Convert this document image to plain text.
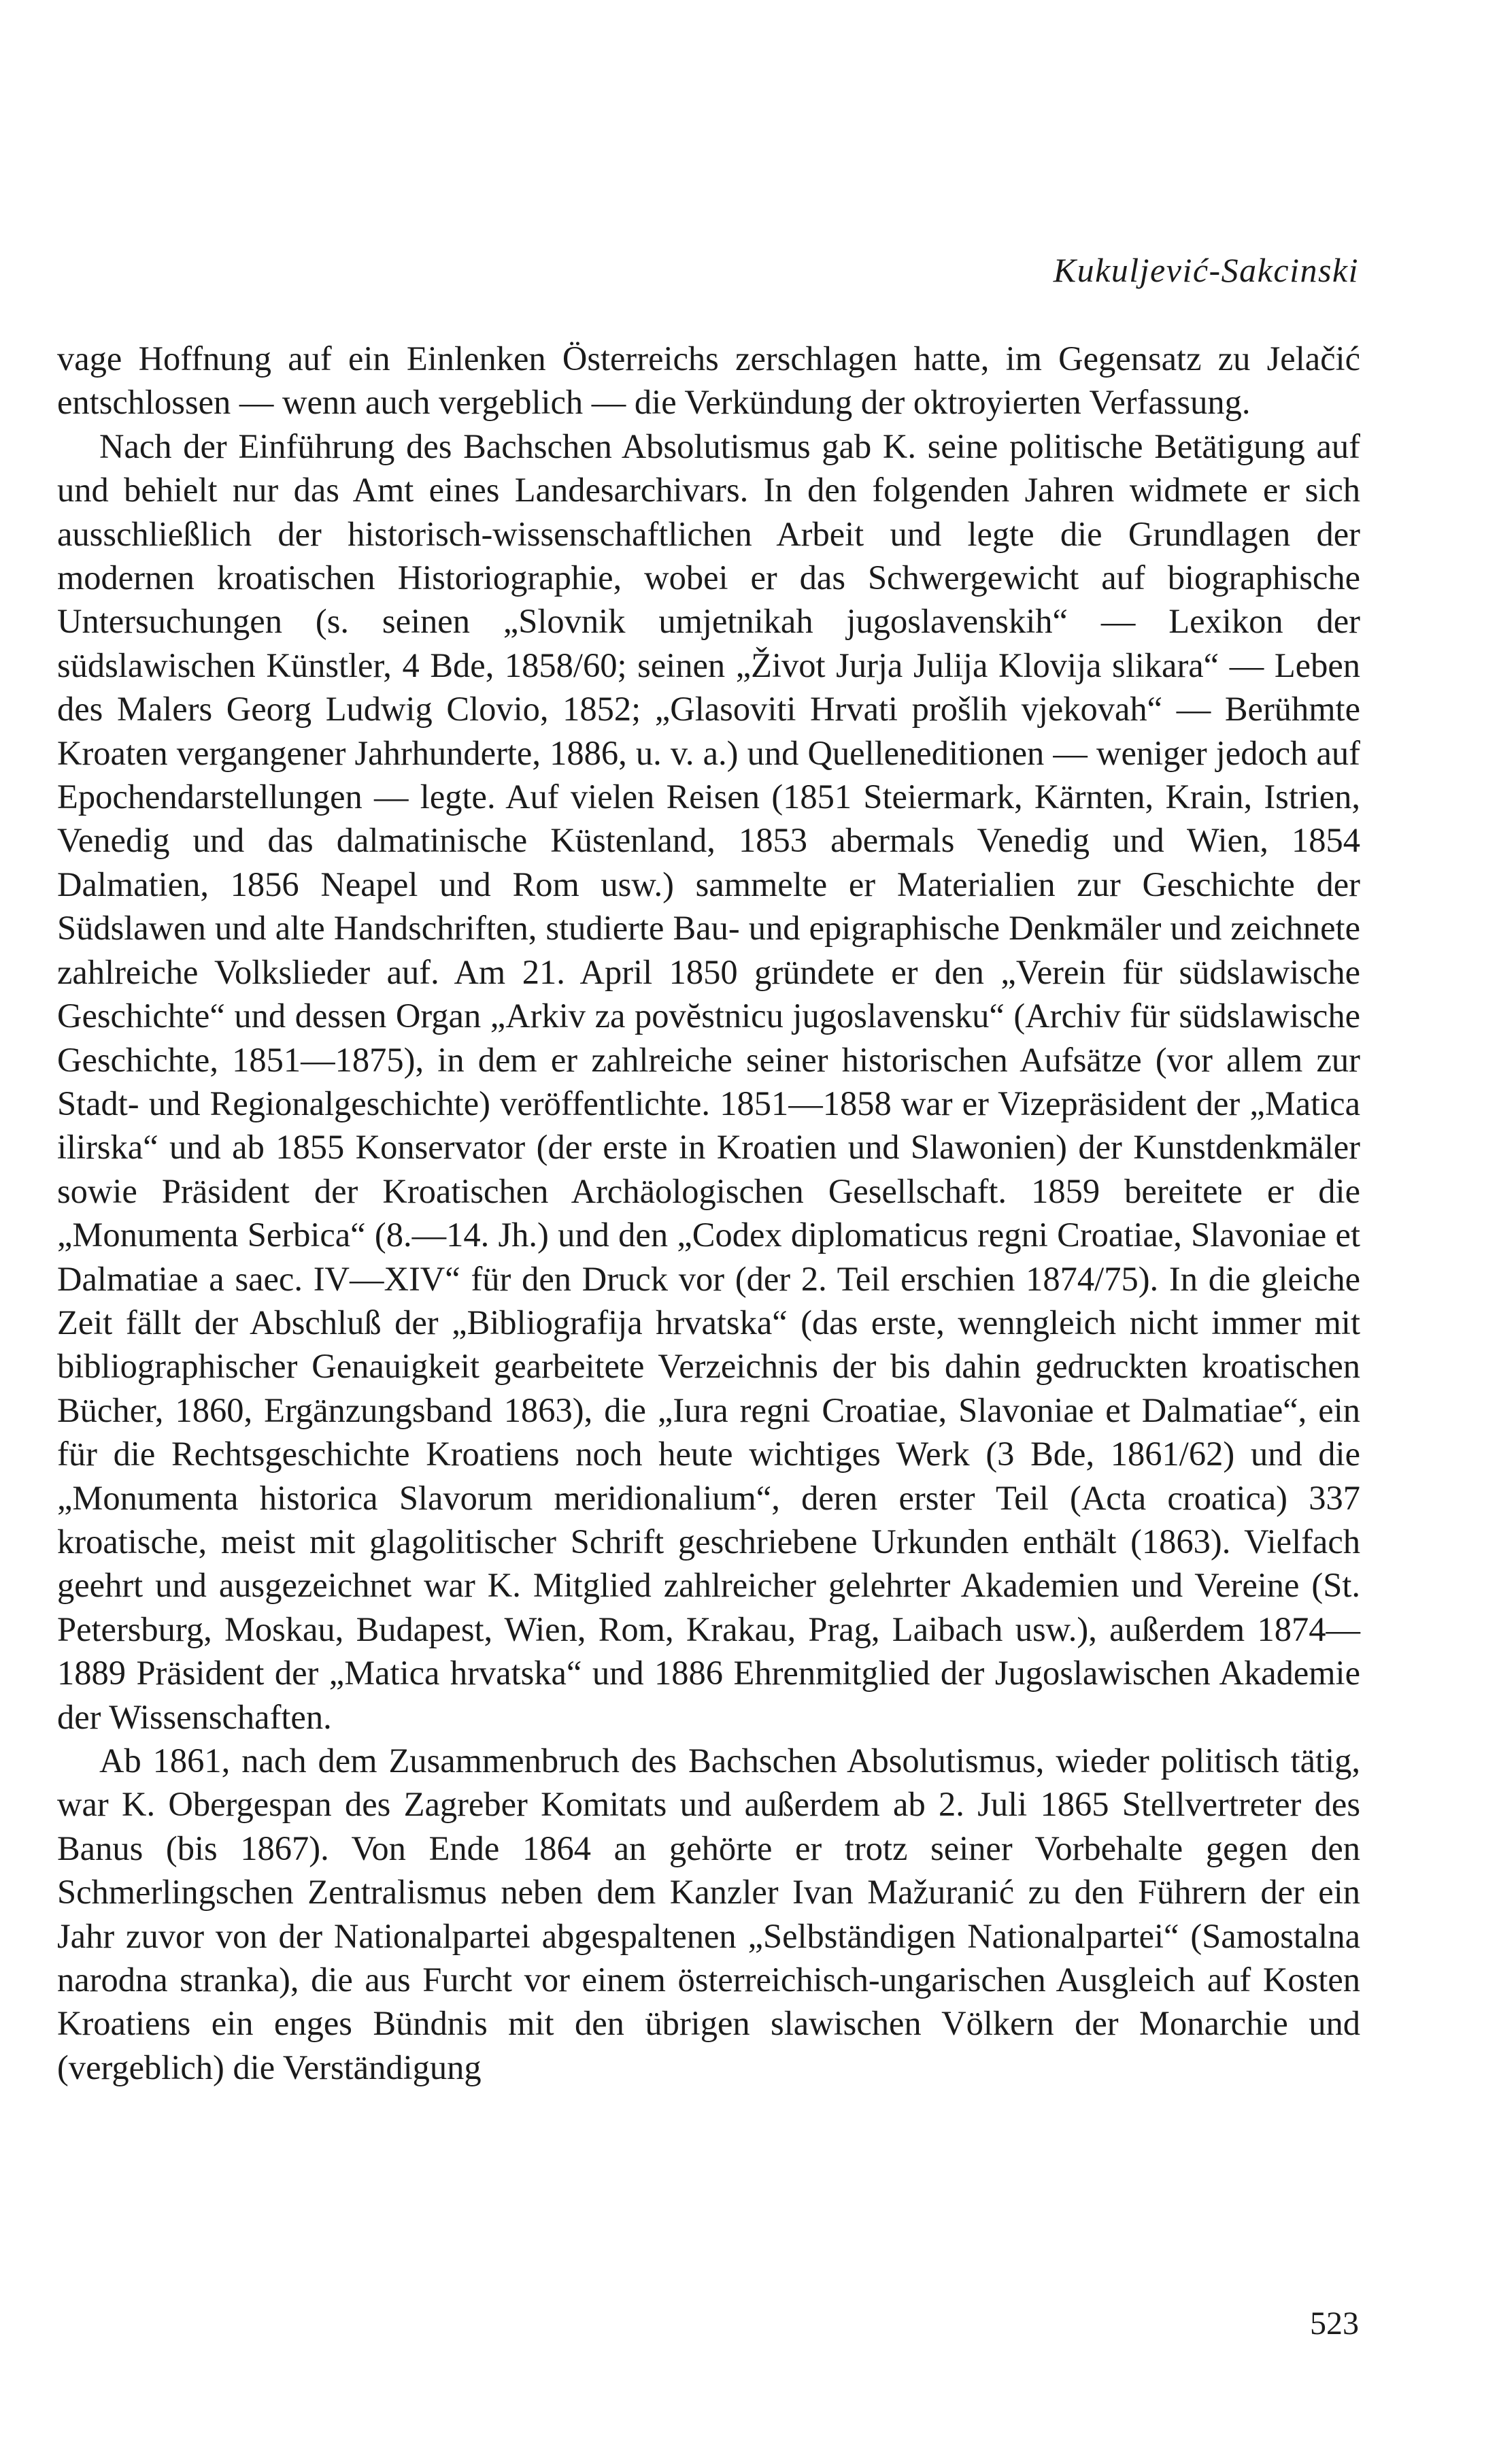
Kukuljević-Sakcinski

vage Hoffnung auf ein Einlenken Österreichs zerschlagen hatte, im Gegensatz zu Jelačić entschlossen — wenn auch vergeblich — die Verkündung der oktroyierten Verfassung.

Nach der Einführung des Bachschen Absolutismus gab K. seine politische Betätigung auf und behielt nur das Amt eines Landesarchivars. In den folgenden Jahren widmete er sich ausschließlich der historisch-wissenschaftlichen Arbeit und legte die Grundlagen der modernen kroatischen Historiographie, wobei er das Schwergewicht auf biographische Untersuchungen (s. seinen „Slovnik umjetnikah jugoslavenskih“ — Lexikon der südslawischen Künstler, 4 Bde, 1858/60; seinen „Život Jurja Julija Klovija slikara“ — Leben des Malers Georg Ludwig Clovio, 1852; „Glasoviti Hrvati prošlih vjekovah“ — Berühmte Kroaten vergangener Jahrhunderte, 1886, u. v. a.) und Quelleneditionen — weniger jedoch auf Epochendarstellungen — legte. Auf vielen Reisen (1851 Steiermark, Kärnten, Krain, Istrien, Venedig und das dalmatinische Küstenland, 1853 abermals Venedig und Wien, 1854 Dalmatien, 1856 Neapel und Rom usw.) sammelte er Materialien zur Geschichte der Südslawen und alte Handschriften, studierte Bau- und epigraphische Denkmäler und zeichnete zahlreiche Volkslieder auf. Am 21. April 1850 gründete er den „Verein für südslawische Geschichte“ und dessen Organ „Arkiv za povĕstnicu jugoslavensku“ (Archiv für südslawische Geschichte, 1851—1875), in dem er zahlreiche seiner historischen Aufsätze (vor allem zur Stadt- und Regionalgeschichte) veröffentlichte. 1851—1858 war er Vizepräsident der „Matica ilirska“ und ab 1855 Konservator (der erste in Kroatien und Slawonien) der Kunstdenkmäler sowie Präsident der Kroatischen Archäologischen Gesellschaft. 1859 bereitete er die „Monumenta Serbica“ (8.—14. Jh.) und den „Codex diplomaticus regni Croatiae, Slavoniae et Dalmatiae a saec. IV—XIV“ für den Druck vor (der 2. Teil erschien 1874/75). In die gleiche Zeit fällt der Abschluß der „Bibliografija hrvatska“ (das erste, wenngleich nicht immer mit bibliographischer Genauigkeit gearbeitete Verzeichnis der bis dahin gedruckten kroatischen Bücher, 1860, Ergänzungsband 1863), die „Iura regni Croatiae, Slavoniae et Dalmatiae“, ein für die Rechtsgeschichte Kroatiens noch heute wichtiges Werk (3 Bde, 1861/62) und die „Monumenta historica Slavorum meridionalium“, deren erster Teil (Acta croatica) 337 kroatische, meist mit glagolitischer Schrift geschriebene Urkunden enthält (1863). Vielfach geehrt und ausgezeichnet war K. Mitglied zahlreicher gelehrter Akademien und Vereine (St. Petersburg, Moskau, Budapest, Wien, Rom, Krakau, Prag, Laibach usw.), außerdem 1874—1889 Präsident der „Matica hrvatska“ und 1886 Ehrenmitglied der Jugoslawischen Akademie der Wissenschaften.

Ab 1861, nach dem Zusammenbruch des Bachschen Absolutismus, wieder politisch tätig, war K. Obergespan des Zagreber Komitats und außerdem ab 2. Juli 1865 Stellvertreter des Banus (bis 1867). Von Ende 1864 an gehörte er trotz seiner Vorbehalte gegen den Schmerlingschen Zentralismus neben dem Kanzler Ivan Mažuranić zu den Führern der ein Jahr zuvor von der Nationalpartei abgespaltenen „Selbständigen Nationalpartei“ (Samostalna narodna stranka), die aus Furcht vor einem österreichisch-ungarischen Ausgleich auf Kosten Kroatiens ein enges Bündnis mit den übrigen slawischen Völkern der Monarchie und (vergeblich) die Verständigung

523
